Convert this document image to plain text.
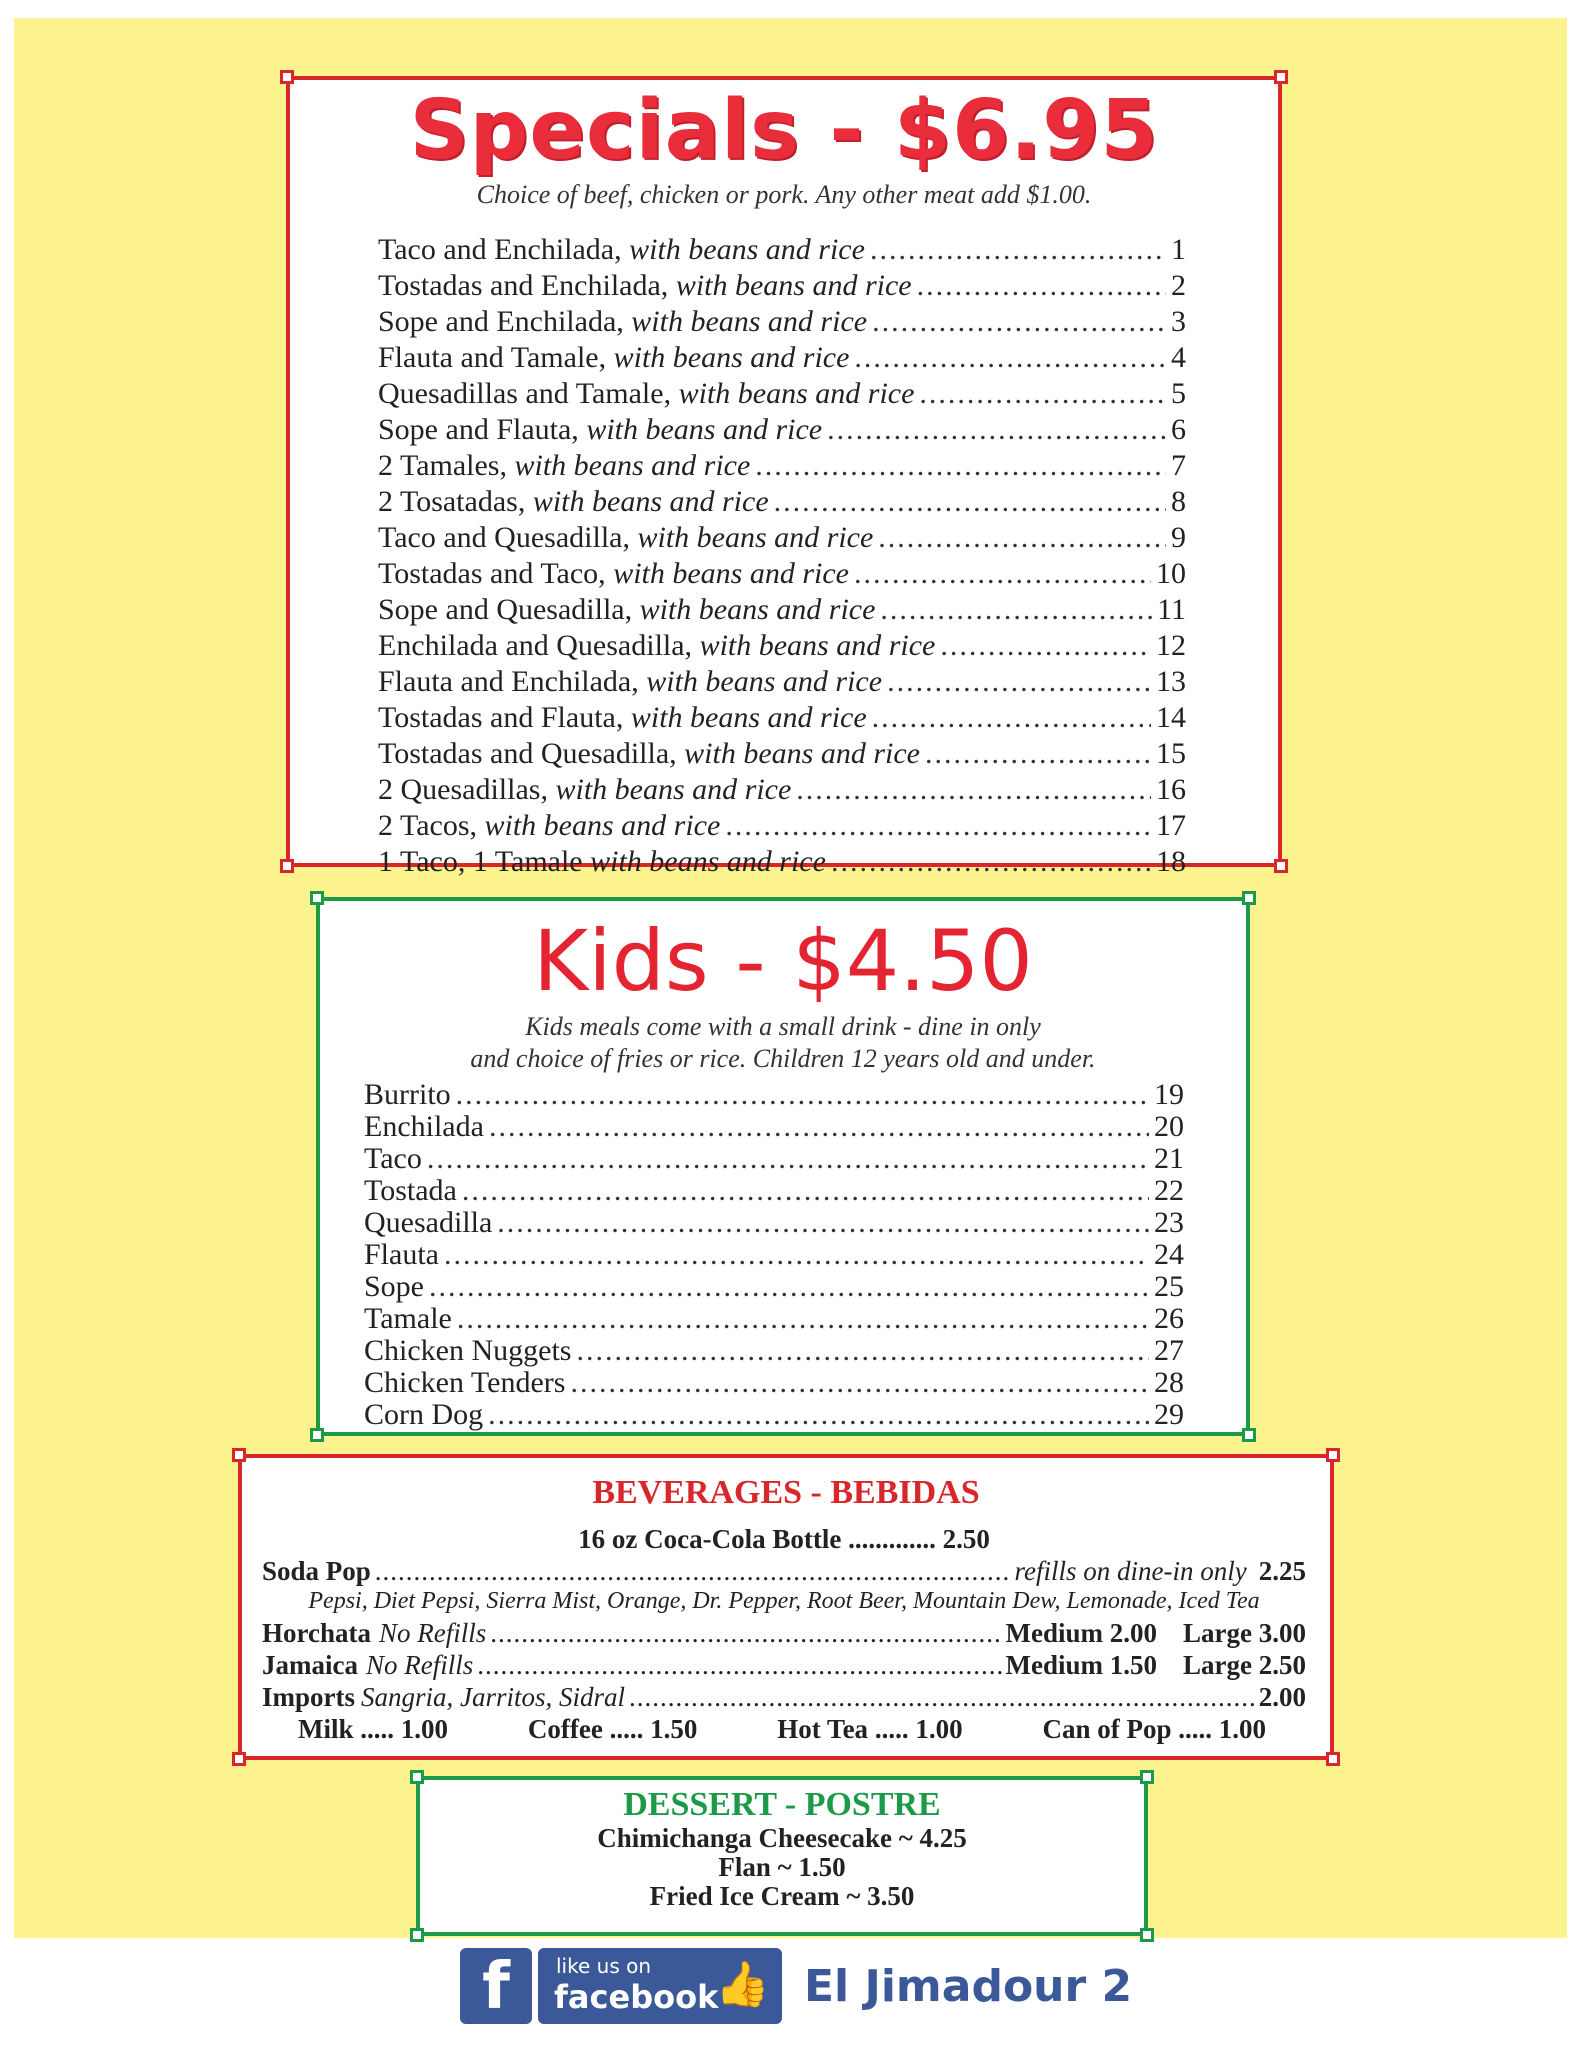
Specials - $6.95
Choice of beef, chicken or pork. Any other meat add $1.00.
Taco and Enchilada, with beans and rice .....	1
Tostadas and Enchilada, with beans and rice .....	2
Sope and Enchilada, with beans and rice .....	3
Flauta and Tamale, with beans and rice .....	4
Quesadillas and Tamale, with beans and rice .....	5
Sope and Flauta, with beans and rice .....	6
2 Tamales, with beans and rice .....	7
2 Tosatadas, with beans and rice .....	8
Taco and Quesadilla, with beans and rice .....	9
Tostadas and Taco, with beans and rice .....	10
Sope and Quesadilla, with beans and rice .....	11
Enchilada and Quesadilla, with beans and rice .....	12
Flauta and Enchilada, with beans and rice .....	13
Tostadas and Flauta, with beans and rice .....	14
Tostadas and Quesadilla, with beans and rice .....	15
2 Quesadillas, with beans and rice .....	16
2 Tacos, with beans and rice .....	17
1 Taco, 1 Tamale with beans and rice .....	18
Kids - $4.50
Kids meals come with a small drink - dine in only
and choice of fries or rice. Children 12 years old and under.
Burrito .....	19
Enchilada .....	20
Taco .....	21
Tostada .....	22
Quesadilla .....	23
Flauta .....	24
Sope .....	25
Tamale .....	26
Chicken Nuggets .....	27
Chicken Tenders .....	28
Corn Dog .....	29
BEVERAGES - BEBIDAS
16 oz Coca-Cola Bottle ............. 2.50
Soda Pop .....	refills on dine-in only 2.25
Pepsi, Diet Pepsi, Sierra Mist, Orange, Dr. Pepper, Root Beer, Mountain Dew, Lemonade, Iced Tea
Horchata No Refills .....	Medium 2.00 Large 3.00
Jamaica No Refills .....	Medium 1.50 Large 2.50
Imports Sangria, Jarritos, Sidral .....	2.00
Milk ..... 1.00	Coffee ..... 1.50	Hot Tea ..... 1.00	Can of Pop ..... 1.00
DESSERT - POSTRE
Chimichanga Cheesecake ~ 4.25
Flan ~ 1.50
Fried Ice Cream ~ 3.50
f like us on
facebook
👍 El Jimadour 2
